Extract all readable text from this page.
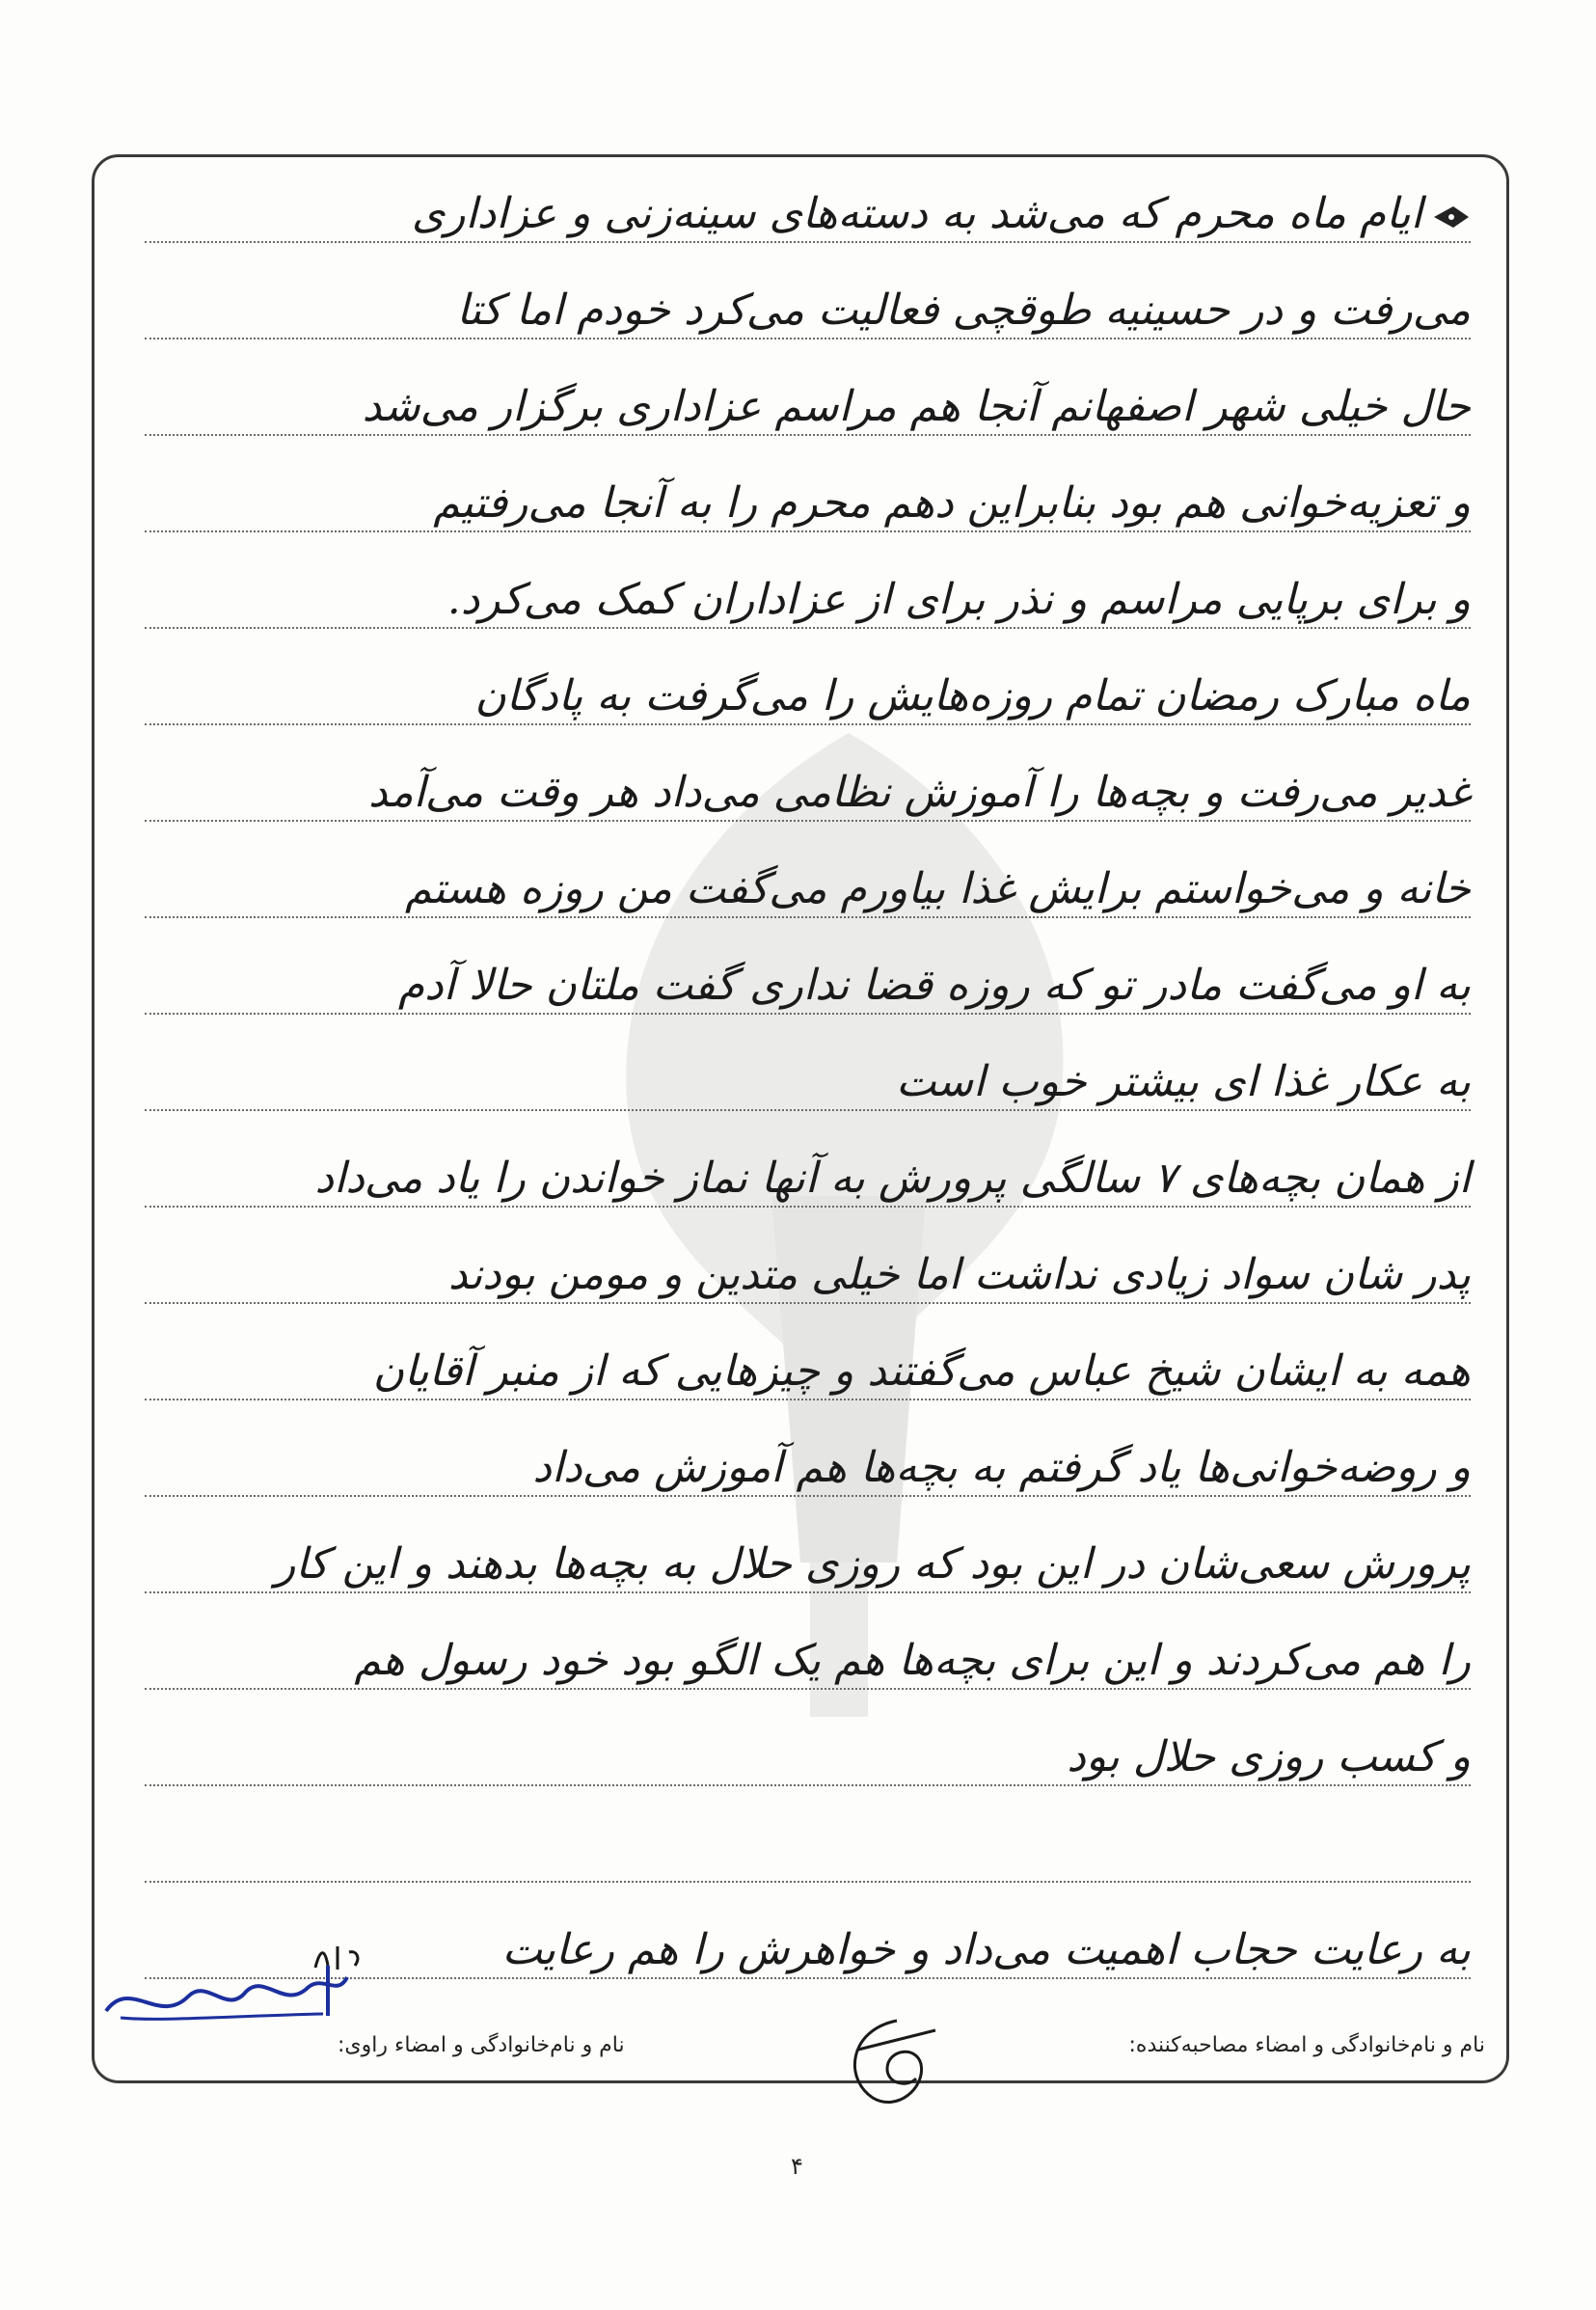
ایام ماه محرم که می‌شد به دسته‌های سینه‌زنی و عزاداری
می‌رفت و در حسینیه طوقچی فعالیت می‌کرد خودم اما کتا
حال خیلی شهر اصفهانم آنجا هم مراسم عزاداری برگزار می‌شد
و تعزیه‌خوانی هم بود بنابراین دهم محرم را به آنجا می‌رفتیم
و برای برپایی مراسم و نذر برای از عزاداران کمک می‌کرد.
ماه مبارک رمضان تمام روزه‌هایش را می‌گرفت به پادگان
غدیر می‌رفت و بچه‌ها را آموزش نظامی می‌داد هر وقت می‌آمد
خانه و می‌خواستم برایش غذا بیاورم می‌گفت من روزه هستم
به او می‌گفت مادر تو که روزه قضا نداری گفت ملتان حالا آدم
به عکار غذا ای بیشتر خوب است
از همان بچه‌های ۷ سالگی پرورش به آنها نماز خواندن را یاد می‌داد
پدر شان سواد زیادی نداشت اما خیلی متدین و مومن بودند
همه به ایشان شیخ عباس می‌گفتند و چیزهایی که از منبر آقایان
و روضه‌خوانی‌ها یاد گرفتم به بچه‌ها هم آموزش می‌داد
پرورش سعی‌شان در این بود که روزی حلال به بچه‌ها بدهند و این کار
را هم می‌کردند و این برای بچه‌ها هم یک الگو بود خود رسول هم
و کسب روزی حلال بود
به رعایت حجاب اهمیت می‌داد و خواهرش را هم رعایت
نام و نام‌خانوادگی و امضاء مصاحبه‌کننده:
نام و نام‌خانوادگی و امضاء راوی:
۴
